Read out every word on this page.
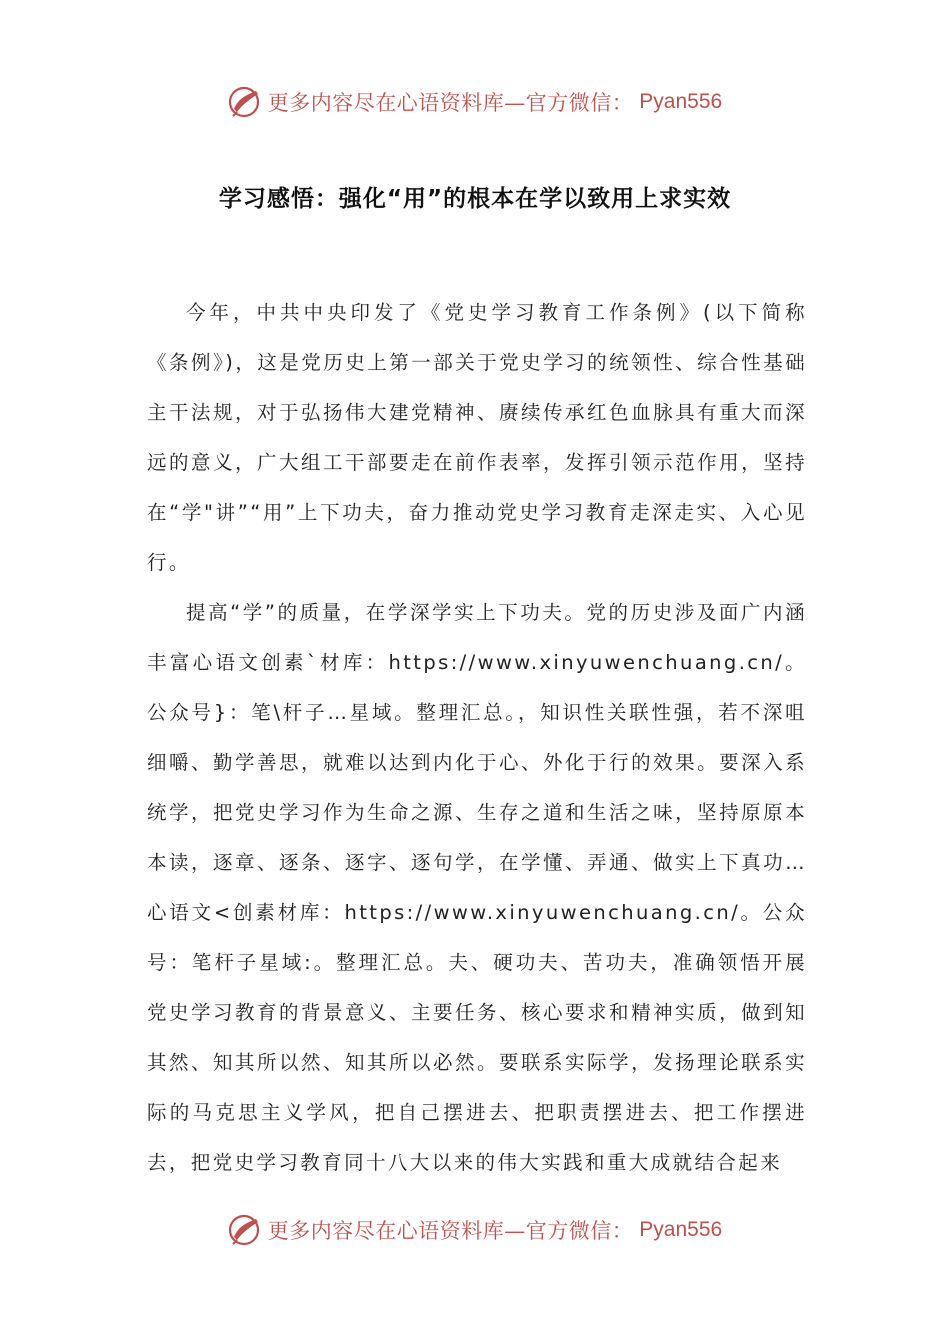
更多内容尽在心语资料库—官方微信： Pyan556
学习感悟：强化“用”的根本在学以致用上求实效

今年，中共中央印发了《党史学习教育工作条例》(以下简称《条例》)，这是党历史上第一部关于党史学习的统领性、综合性基础主干法规，对于弘扬伟大建党精神、赓续传承红色血脉具有重大而深远的意义，广大组工干部要走在前作表率，发挥引领示范作用，坚持在“学"讲”“用”上下功夫，奋力推动党史学习教育走深走实、入心见行。

提高“学”的质量，在学深学实上下功夫。党的历史涉及面广内涵丰富心语文创素`材库：https://www.xinyuwenchuang.cn/。公众号}：笔\杆子…星域。整理汇总。，知识性关联性强，若不深咀细嚼、勤学善思，就难以达到内化于心、外化于行的效果。要深入系统学，把党史学习作为生命之源、生存之道和生活之味，坚持原原本本读，逐章、逐条、逐字、逐句学，在学懂、弄通、做实上下真功…心语文<创素材库：https://www.xinyuwenchuang.cn/。公众号：笔杆子星域:。整理汇总。夫、硬功夫、苦功夫，准确领悟开展党史学习教育的背景意义、主要任务、核心要求和精神实质，做到知其然、知其所以然、知其所以必然。要联系实际学，发扬理论联系实际的马克思主义学风，把自己摆进去、把职责摆进去、把工作摆进去，把党史学习教育同十八大以来的伟大实践和重大成就结合起来

更多内容尽在心语资料库—官方微信： Pyan556
